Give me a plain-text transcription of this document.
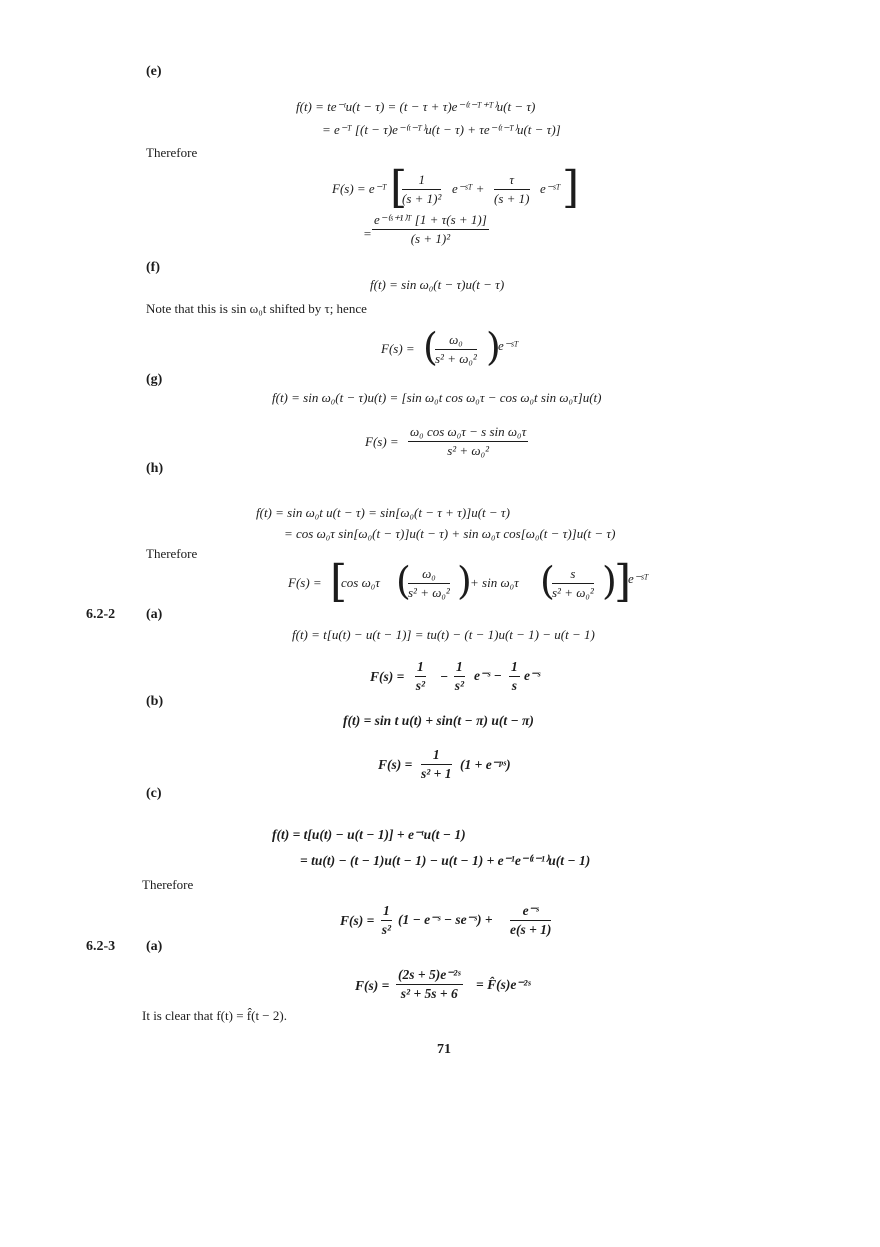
(e)
f(t) = te⁻ᵗu(t − τ) = (t − τ + τ)e⁻⁽ᵗ⁻ᵀ⁺ᵀ⁾u(t − τ)
= e⁻ᵀ [(t − τ)e⁻⁽ᵗ⁻ᵀ⁾u(t − τ) + τe⁻⁽ᵗ⁻ᵀ⁾u(t − τ)]
Therefore
F(s) = e⁻ᵀ [
$\frac{1}{\text{(s + 1)²}}$ e⁻ˢᵀ + $\frac{\tau}{(s + 1)}$ e⁻ˢᵀ ]
= $\frac{\text{e⁻⁽ˢ⁺¹⁾ᵀ [1 + τ(s + 1)]}}{\text{(s + 1)²}}$
(f)
f(t) = sin ω₀(t − τ)u(t − τ)
Note that this is sin ω₀t shifted by τ; hence
F(s) = (
$\frac{\text{ω₀}}{\text{s² + ω₀²}}$ )
e⁻ˢᵀ
(g)
f(t) = sin ω₀(t − τ)u(t) = [sin ω₀t cos ω₀τ − cos ω₀t sin ω₀τ]u(t)
$F(s) = \frac{\text{ω₀ cos ω₀τ − s sin ω₀τ}}{\text{s² + ω₀²}}$
(h)
f(t) = sin ω₀t u(t − τ) = sin[ω₀(t − τ + τ)]u(t − τ)
= cos ω₀τ sin[ω₀(t − τ)]u(t − τ) + sin ω₀τ cos[ω₀(t − τ)]u(t − τ)
Therefore
F(s) = [
cos ω₀τ (
$\frac{\text{ω₀}}{\text{s² + ω₀²}}$ )
+ sin ω₀τ (
$\frac{s}{\text{s² + ω₀²}}$ )
]
e⁻ˢᵀ
6.2-2 (a)
f(t) = t[u(t) − u(t − 1)] = tu(t) − (t − 1)u(t − 1) − u(t − 1)
$F(s) = \frac{1}{\text{s²}} - \frac{1}{\text{s²}}$ e⁻ˢ − $\frac{1}{s}$ e⁻ˢ
(b)
f(t) = sin t u(t) + sin(t − π) u(t − π)
$F(s) = \frac{1}{\text{s² + 1}} (1$ + e⁻ᵖˢ)
(c)
f(t) = t[u(t) − u(t − 1)] + e⁻ᵗu(t − 1)
= tu(t) − (t − 1)u(t − 1) − u(t − 1) + e⁻¹e⁻⁽ᵗ⁻¹⁾u(t − 1)
Therefore
$F(s) = \frac{1}{\text{s²}} (1$ − e⁻ˢ − se⁻ˢ) + $\frac{\text{e⁻ˢ}}{e(s + 1)}$
6.2-3 (a)
$F(s) = \frac{\text{(2s + 5)e⁻²ˢ}}{\text{s² + 5s + 6}}$ = F̂(s)e⁻²ˢ
It is clear that f(t) = f̂(t − 2).
71
